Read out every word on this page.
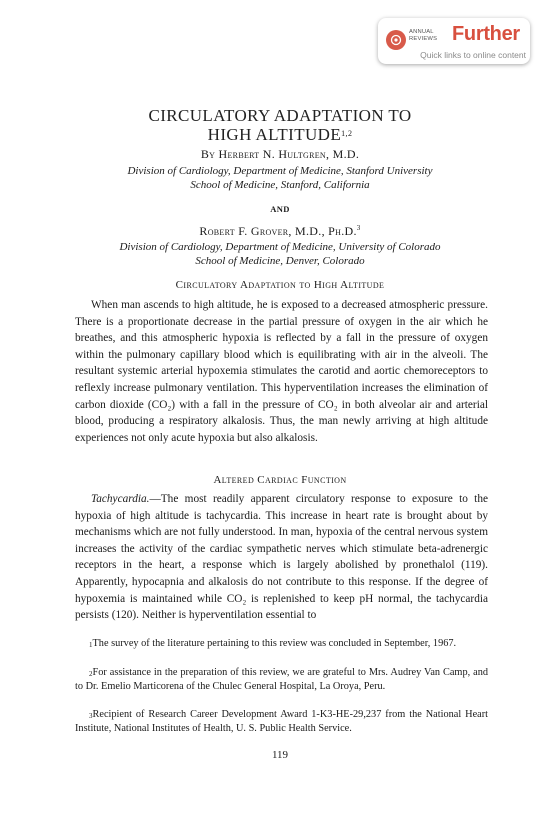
ANNUAL
REVIEWS Further
Quick links to online content
CIRCULATORY ADAPTATION TO
HIGH ALTITUDE$^{1,2}$
By Herbert N. Hultgren, M.D.
Division of Cardiology, Department of Medicine, Stanford University
School of Medicine, Stanford, California
AND
Robert F. Grover, M.D., Ph.D.$^3$
Division of Cardiology, Department of Medicine, University of Colorado
School of Medicine, Denver, Colorado
Circulatory Adaptation to High Altitude

When man ascends to high altitude, he is exposed to a decreased atmospheric pressure. There is a proportionate decrease in the partial pressure of oxygen in the air which he breathes, and this atmospheric hypoxia is reflected by a fall in the pressure of oxygen within the pulmonary capillary blood which is equilibrating with air in the alveoli. The resultant systemic arterial hypoxemia stimulates the carotid and aortic chemoreceptors to reflexly increase pulmonary ventilation. This hyperventilation increases the elimination of carbon dioxide (CO₂) with a fall in the pressure of CO₂ in both alveolar air and arterial blood, producing a respiratory alkalosis. Thus, the man newly arriving at high altitude experiences not only acute hypoxia but also alkalosis.

Altered Cardiac Function

Tachycardia.—The most readily apparent circulatory response to exposure to the hypoxia of high altitude is tachycardia. This increase in heart rate is brought about by mechanisms which are not fully understood. In man, hypoxia of the central nervous system increases the activity of the cardiac sympathetic nerves which stimulate beta-adrenergic receptors in the heart, a response which is largely abolished by pronethalol (119). Apparently, hypocapnia and alkalosis do not contribute to this response. If the degree of hypoxemia is maintained while CO₂ is replenished to keep pH normal, the tachycardia persists (120). Neither is hyperventilation essential to

$^1$The survey of the literature pertaining to this review was concluded in September, 1967.

$^2$For assistance in the preparation of this review, we are grateful to Mrs. Audrey Van Camp, and to Dr. Emelio Marticorena of the Chulec General Hospital, La Oroya, Peru.

$^3$Recipient of Research Career Development Award 1-K3-HE-29,237 from the National Heart Institute, National Institutes of Health, U. S. Public Health Service.

119
